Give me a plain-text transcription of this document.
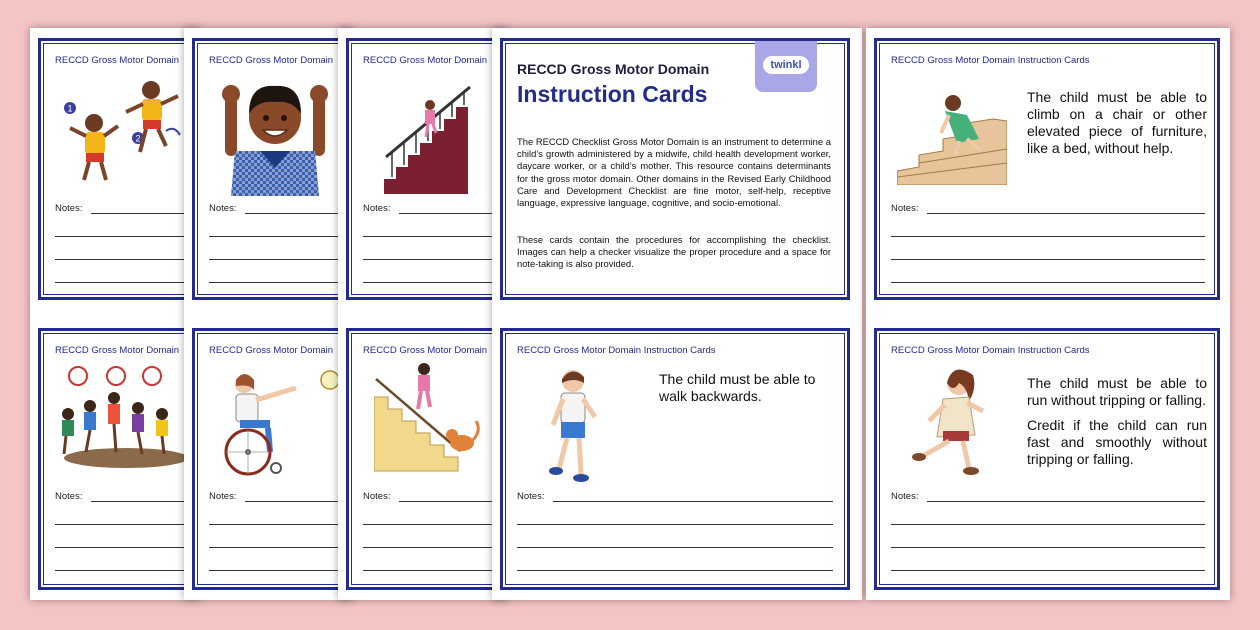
RECCD Gross Motor Domain
1
2
Notes:
RECCD Gross Motor Domain
Notes:
RECCD Gross Motor Domain
Notes:
RECCD Gross Motor Domain
Notes:
RECCD Gross Motor Domain
Notes:
RECCD Gross Motor Domain
Notes:
RECCD Gross Motor Domain
Instruction Cards
twinkl
The RECCD Checklist Gross Motor Domain is an instrument to determine a child’s growth administered by a midwife, child health development worker, daycare worker, or a child’s mother. This resource contains determinants for the gross motor domain. Other domains in the Revised Early Childhood Care and Development Checklist are fine motor, self-help, receptive language, expressive language, cognitive, and socio-emotional.
These cards contain the procedures for accomplishing the checklist. Images can help a checker visualize the proper procedure and a space for note-taking is also provided.
RECCD Gross Motor Domain Instruction Cards
The child must be able to walk backwards.
Notes:
RECCD Gross Motor Domain Instruction Cards
The child must be able to climb on a chair or other elevated piece of furniture, like a bed, without help.
Notes:
RECCD Gross Motor Domain Instruction Cards
The child must be able to run without tripping or falling.
Credit if the child can run fast and smoothly without tripping or falling.
Notes:
